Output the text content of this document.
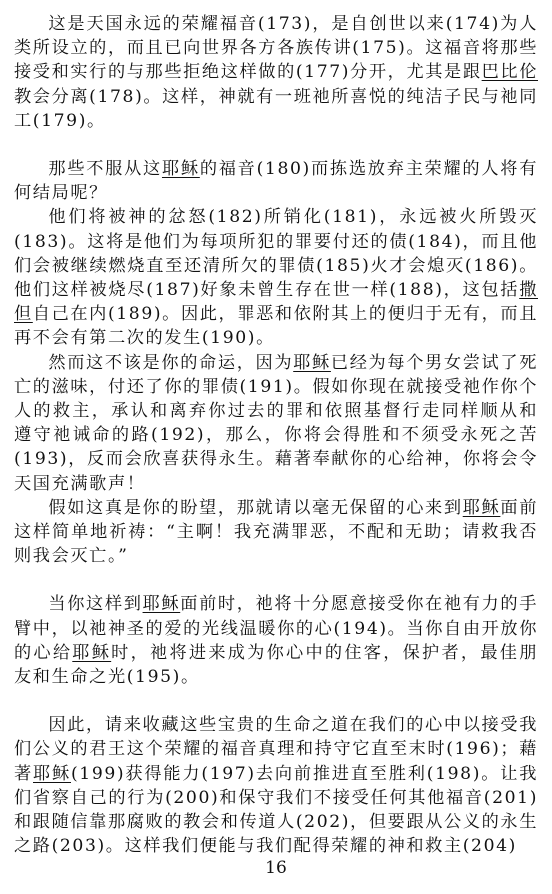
这是天国永远的荣耀福音(173)，是自创世以来(174)为人类所设立的，而且已向世界各方各族传讲(175)。这福音将那些接受和实行的与那些拒绝这样做的(177)分开，尤其是跟巴比伦教会分离(178)。这样，神就有一班祂所喜悦的纯洁子民与祂同工(179)。

那些不服从这耶稣的福音(180)而拣选放弃主荣耀的人将有何结局呢？

他们将被神的忿怒(182)所销化(181)，永远被火所毁灭(183)。这将是他们为每项所犯的罪要付还的债(184)，而且他们会被继续燃烧直至还清所欠的罪债(185)火才会熄灭(186)。他们这样被烧尽(187)好象未曾生存在世一样(188)，这包括撒但自己在内(189)。因此，罪恶和依附其上的便归于无有，而且再不会有第二次的发生(190)。

然而这不该是你的命运，因为耶稣已经为每个男女尝试了死亡的滋味，付还了你的罪债(191)。假如你现在就接受祂作你个人的救主，承认和离弃你过去的罪和依照基督行走同样顺从和遵守祂诫命的路(192)，那么，你将会得胜和不须受永死之苦(193)，反而会欣喜获得永生。藉著奉献你的心给神，你将会令天国充满歌声！

假如这真是你的盼望，那就请以毫无保留的心来到耶稣面前这样简单地祈祷：“主啊！我充满罪恶，不配和无助；请救我否则我会灭亡。”

当你这样到耶稣面前时，祂将十分愿意接受你在祂有力的手臂中，以祂神圣的爱的光线温暖你的心(194)。当你自由开放你的心给耶稣时，祂将进来成为你心中的住客，保护者，最佳朋友和生命之光(195)。

因此，请来收藏这些宝贵的生命之道在我们的心中以接受我们公义的君王这个荣耀的福音真理和持守它直至末时(196)；藉著耶稣(199)获得能力(197)去向前推进直至胜利(198)。让我们省察自己的行为(200)和保守我们不接受任何其他福音(201)和跟随信靠那腐败的教会和传道人(202)，但要跟从公义的永生之路(203)。这样我们便能与我们配得荣耀的神和救主(204)

16
